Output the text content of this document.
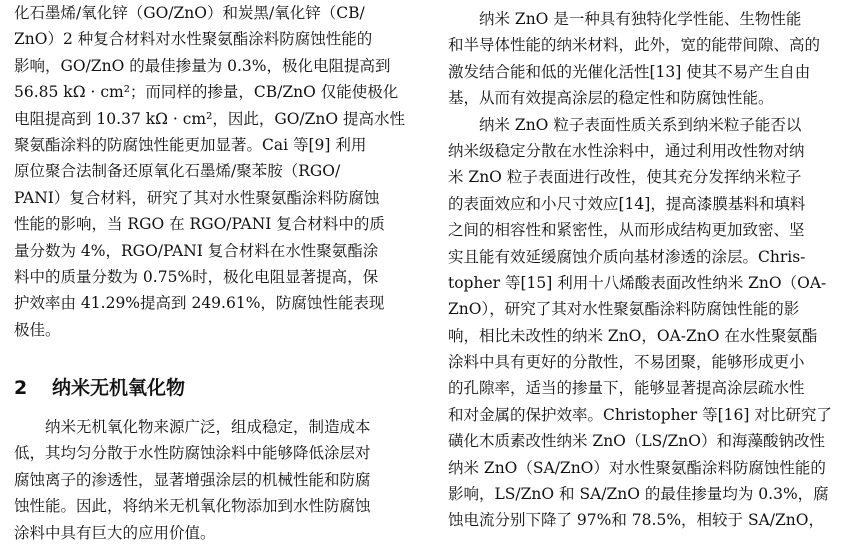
化石墨烯/氧化锌（GO/ZnO）和炭黑/氧化锌（CB/
ZnO）2 种复合材料对水性聚氨酯涂料防腐蚀性能的
影响，GO/ZnO 的最佳掺量为 0.3%，极化电阻提高到
56.85 kΩ · cm²；而同样的掺量，CB/ZnO 仅能使极化
电阻提高到 10.37 kΩ · cm²，因此，GO/ZnO 提高水性
聚氨酯涂料的防腐蚀性能更加显著。Cai 等[9] 利用
原位聚合法制备还原氧化石墨烯/聚苯胺（RGO/
PANI）复合材料，研究了其对水性聚氨酯涂料防腐蚀
性能的影响，当 RGO 在 RGO/PANI 复合材料中的质
量分数为 4%，RGO/PANI 复合材料在水性聚氨酯涂
料中的质量分数为 0.75%时，极化电阻显著提高，保
护效率由 41.29%提高到 249.61%，防腐蚀性能表现
极佳。
2 纳米无机氧化物
纳米无机氧化物来源广泛，组成稳定，制造成本
低，其均匀分散于水性防腐蚀涂料中能够降低涂层对
腐蚀离子的渗透性，显著增强涂层的机械性能和防腐
蚀性能。因此，将纳米无机氧化物添加到水性防腐蚀
涂料中具有巨大的应用价值。
纳米 ZnO 是一种具有独特化学性能、生物性能
和半导体性能的纳米材料，此外，宽的能带间隙、高的
激发结合能和低的光催化活性[13] 使其不易产生自由
基，从而有效提高涂层的稳定性和防腐蚀性能。
纳米 ZnO 粒子表面性质关系到纳米粒子能否以
纳米级稳定分散在水性涂料中，通过利用改性物对纳
米 ZnO 粒子表面进行改性，使其充分发挥纳米粒子
的表面效应和小尺寸效应[14]，提高漆膜基料和填料
之间的相容性和紧密性，从而形成结构更加致密、坚
实且能有效延缓腐蚀介质向基材渗透的涂层。Chris-
topher 等[15] 利用十八烯酸表面改性纳米 ZnO（OA-
ZnO），研究了其对水性聚氨酯涂料防腐蚀性能的影
响，相比未改性的纳米 ZnO，OA-ZnO 在水性聚氨酯
涂料中具有更好的分散性，不易团聚，能够形成更小
的孔隙率，适当的掺量下，能够显著提高涂层疏水性
和对金属的保护效率。Christopher 等[16] 对比研究了
磺化木质素改性纳米 ZnO（LS/ZnO）和海藻酸钠改性
纳米 ZnO（SA/ZnO）对水性聚氨酯涂料防腐蚀性能的
影响，LS/ZnO 和 SA/ZnO 的最佳掺量均为 0.3%，腐
蚀电流分别下降了 97%和 78.5%，相较于 SA/ZnO，
